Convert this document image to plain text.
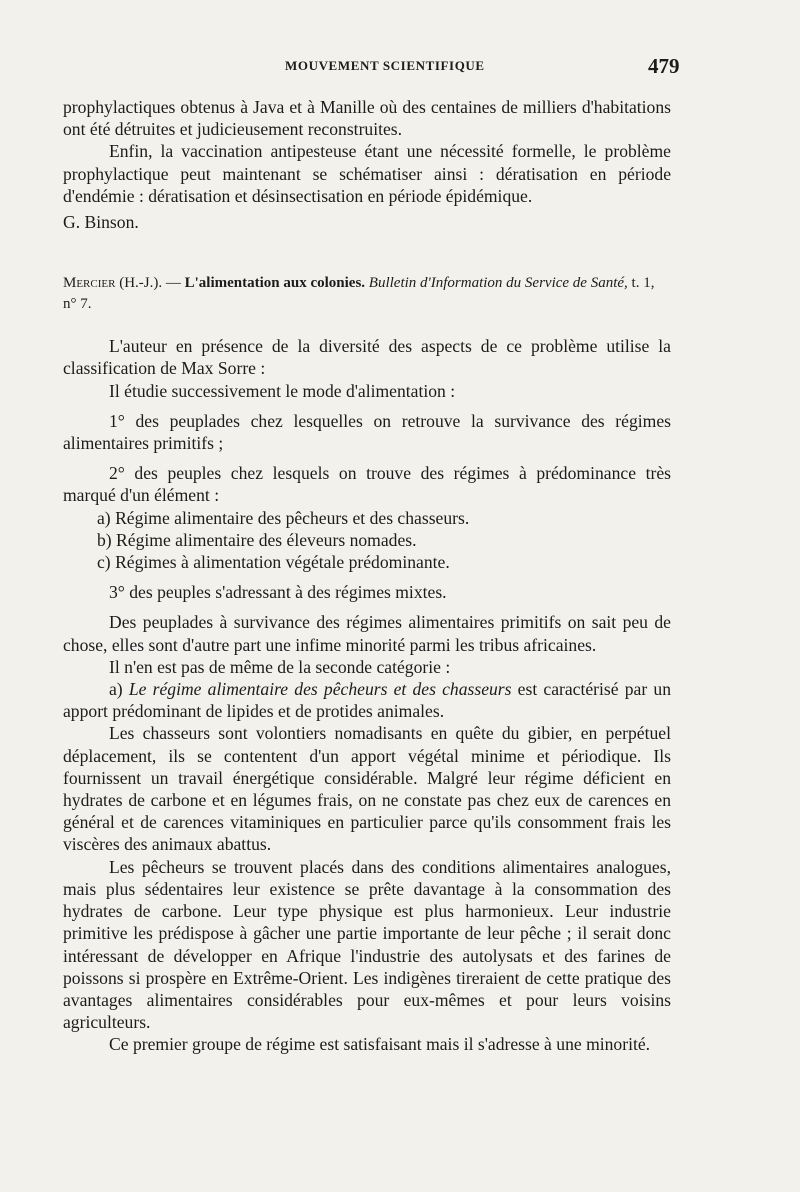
MOUVEMENT SCIENTIFIQUE	479

prophylactiques obtenus à Java et à Manille où des centaines de milliers d'habitations ont été détruites et judicieusement reconstruites.

Enfin, la vaccination antipesteuse étant une nécessité formelle, le problème prophylactique peut maintenant se schématiser ainsi : dératisation en période d'endémie : dératisation et désinsectisation en période épidémique.

G. Binson.

Mercier (H.-J.). — L'alimentation aux colonies. Bulletin d'Information du Service de Santé, t. 1, n° 7.

L'auteur en présence de la diversité des aspects de ce problème utilise la classification de Max Sorre :

Il étudie successivement le mode d'alimentation :

1° des peuplades chez lesquelles on retrouve la survivance des régimes alimentaires primitifs ;

2° des peuples chez lesquels on trouve des régimes à prédominance très marqué d'un élément :

a) Régime alimentaire des pêcheurs et des chasseurs.

b) Régime alimentaire des éleveurs nomades.

c) Régimes à alimentation végétale prédominante.

3° des peuples s'adressant à des régimes mixtes.

Des peuplades à survivance des régimes alimentaires primitifs on sait peu de chose, elles sont d'autre part une infime minorité parmi les tribus africaines.

Il n'en est pas de même de la seconde catégorie :

a) Le régime alimentaire des pêcheurs et des chasseurs est caractérisé par un apport prédominant de lipides et de protides animales.

Les chasseurs sont volontiers nomadisants en quête du gibier, en perpétuel déplacement, ils se contentent d'un apport végétal minime et périodique. Ils fournissent un travail énergétique considérable. Malgré leur régime déficient en hydrates de carbone et en légumes frais, on ne constate pas chez eux de carences en général et de carences vitaminiques en particulier parce qu'ils consomment frais les viscères des animaux abattus.

Les pêcheurs se trouvent placés dans des conditions alimentaires analogues, mais plus sédentaires leur existence se prête davantage à la consommation des hydrates de carbone. Leur type physique est plus harmonieux. Leur industrie primitive les prédispose à gâcher une partie importante de leur pêche ; il serait donc intéressant de développer en Afrique l'industrie des autolysats et des farines de poissons si prospère en Extrême-Orient. Les indigènes tireraient de cette pratique des avantages alimentaires considérables pour eux-mêmes et pour leurs voisins agriculteurs.

Ce premier groupe de régime est satisfaisant mais il s'adresse à une minorité.
